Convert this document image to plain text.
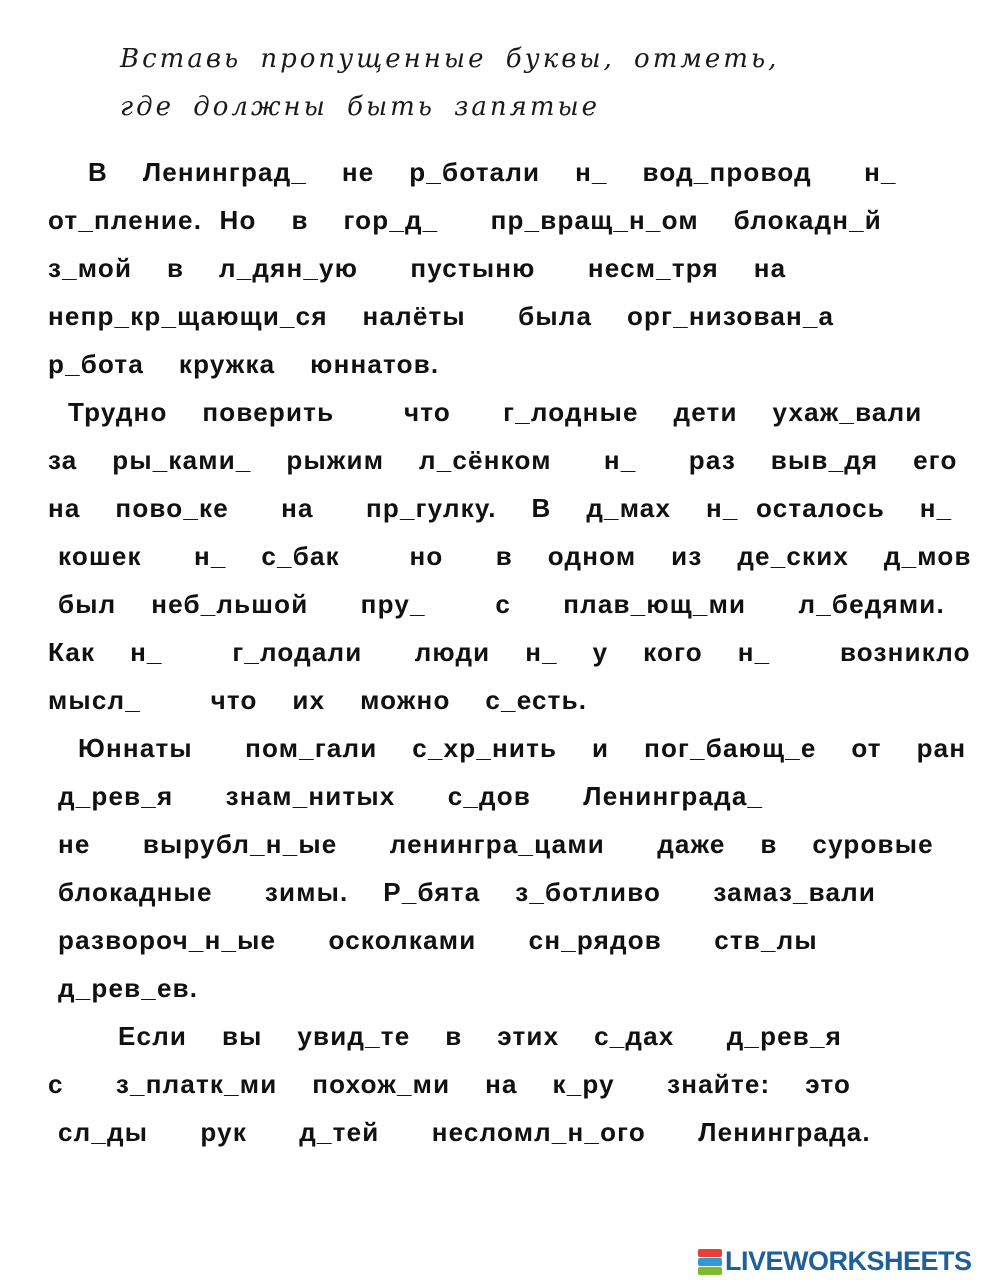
Вставь пропущенные буквы, отметь,
где должны быть запятые
В  Ленинград_  не  р_ботали  н_  вод_провод   н_
от_пление. Но  в  гор_д_   пр_вращ_н_ом  блокадн_й
з_мой  в  л_дян_ую   пустыню   несм_тря  на
непр_кр_щающи_ся  налёты   была  орг_низован_а
р_бота  кружка  юннатов.
Трудно  поверить    что   г_лодные  дети  ухаж_вали
за  ры_ками_  рыжим  л_сёнком   н_   раз  выв_дя  его
на  пово_ке   на   пр_гулку.  В  д_мах  н_ осталось  н_
кошек   н_  с_бак    но   в  одном  из  де_ских  д_мов
был  неб_льшой   пру_    с   плав_ющ_ми   л_бедями.
Как  н_    г_лодали   люди  н_  у  кого  н_    возникло
мысл_    что  их  можно  с_есть.
Юннаты   пом_гали  с_хр_нить  и  пог_бающ_е  от  ран
д_рев_я   знам_нитых   с_дов   Ленинграда_
не   вырубл_н_ые   ленингра_цами   даже  в  суровые
блокадные   зимы.  Р_бята  з_ботливо   замаз_вали
развороч_н_ые   осколками   сн_рядов   ств_лы
д_рев_ев.
Если  вы  увид_те  в  этих  с_дах   д_рев_я
с   з_платк_ми  похож_ми  на  к_ру   знайте:  это
сл_ды   рук   д_тей   несломл_н_ого   Ленинграда.
LIVEWORKSHEETS
